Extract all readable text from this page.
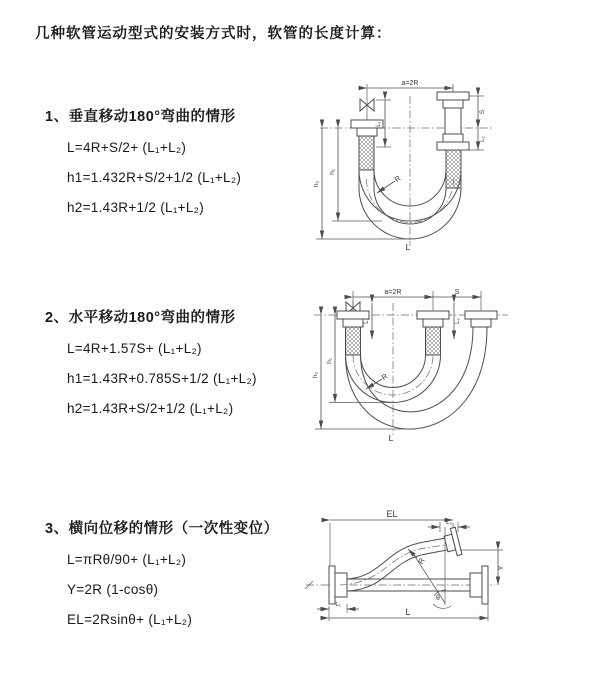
几种软管运动型式的安装方式时，软管的长度计算：
1、垂直移动180°弯曲的情形
L=4R+S/2+ (L₁+L₂)
h1=1.432R+S/2+1/2 (L₁+L₂)
h2=1.43R+1/2 (L₁+L₂)
a=2R
h₁
h₂
L₁
S
L₂
R
L
2、水平移动180°弯曲的情形
L=4R+1.57S+ (L₁+L₂)
h1=1.43R+0.785S+1/2 (L₁+L₂)
h2=1.43R+S/2+1/2 (L₁+L₂)
a=2R	S
h₁
h₂
L₁	L₂
R
L
3、横向位移的情形（一次性变位）
L=πRθ/90+ (L₁+L₂)
Y=2R (1-cosθ)
EL=2Rsinθ+ (L₁+L₂)
EL
L₂
θ
R
Y
L₁
L
